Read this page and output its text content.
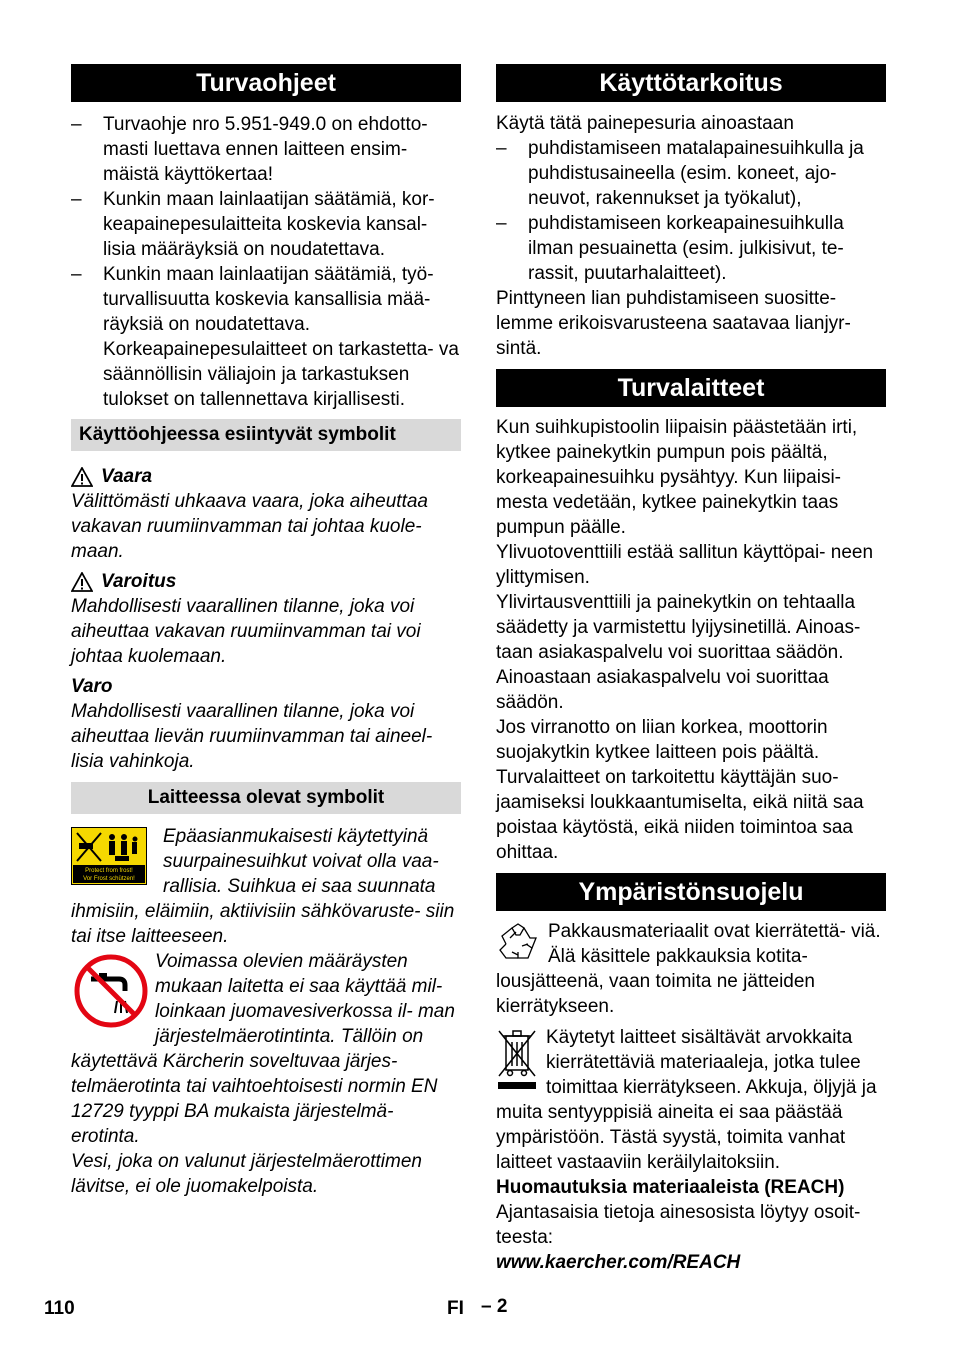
Turvaohjeet
– Turvaohje nro 5.951-949.0 on ehdotto- masti luettava ennen laitteen ensim- mäistä käyttökertaa!
– Kunkin maan lainlaatijan säätämiä, kor- keapainepesulaitteita koskevia kansal- lisia määräyksiä on noudatettava.
– Kunkin maan lainlaatijan säätämiä, työ- turvallisuutta koskevia kansallisia mää- räyksiä on noudatettava.

Korkeapainepesulaitteet on tarkastetta- va säännöllisin väliajoin ja tarkastuksen tulokset on tallennettava kirjallisesti.

Käyttöohjeessa esiintyvät symbolit
Vaara

Välittömästi uhkaava vaara, joka aiheuttaa vakavan ruumiinvamman tai johtaa kuole- maan.

Varoitus

Mahdollisesti vaarallinen tilanne, joka voi aiheuttaa vakavan ruumiinvamman tai voi johtaa kuolemaan.

Varo

Mahdollisesti vaarallinen tilanne, joka voi aiheuttaa lievän ruumiinvamman tai aineel- lisia vahinkoja.

Laitteessa olevat symbolit
Protect from frost!
Vor Frost schützen!

Epäasianmukaisesti käytettyinä suurpainesuihkut voivat olla vaa- rallisia. Suihkua ei saa suunnata ihmisiin, eläimiin, aktiivisiin sähkövaruste- siin tai itse laitteeseen.

Voimassa olevien määräysten mukaan laitetta ei saa käyttää mil- loinkaan juomavesiverkossa il- man järjestelmäerotintinta. Tällöin on käytettävä Kärcherin soveltuvaa järjes- telmäerotinta tai vaihtoehtoisesti normin EN 12729 tyyppi BA mukaista järjestelmä- erotinta.

Vesi, joka on valunut järjestelmäerottimen lävitse, ei ole juomakelpoista.

Käyttötarkoitus

Käytä tätä painepesuria ainoastaan

– puhdistamiseen matalapainesuihkulla ja puhdistusaineella (esim. koneet, ajo- neuvot, rakennukset ja työkalut),
– puhdistamiseen korkeapainesuihkulla ilman pesuainetta (esim. julkisivut, te- rassit, puutarhalaitteet).

Pinttyneen lian puhdistamiseen suositte- lemme erikoisvarusteena saatavaa lianjyr- sintä.

Turvalaitteet

Kun suihkupistoolin liipaisin päästetään irti, kytkee painekytkin pumpun pois päältä, korkeapainesuihku pysähtyy. Kun liipaisi- mesta vedetään, kytkee painekytkin taas pumpun päälle.

Ylivuotoventtiili estää sallitun käyttöpai- neen ylittymisen.

Ylivirtausventtiili ja painekytkin on tehtaalla säädetty ja varmistettu lyijysinetillä. Ainoas- taan asiakaspalvelu voi suorittaa säädön.

Ainoastaan asiakaspalvelu voi suorittaa säädön.

Jos virranotto on liian korkea, moottorin suojakytkin kytkee laitteen pois päältä.

Turvalaitteet on tarkoitettu käyttäjän suo- jaamiseksi loukkaantumiselta, eikä niitä saa poistaa käytöstä, eikä niiden toimintoa saa ohittaa.

Ympäristönsuojelu

Pakkausmateriaalit ovat kierrätettä- viä. Älä käsittele pakkauksia kotita- lousjätteenä, vaan toimita ne jätteiden kierrätykseen.

Käytetyt laitteet sisältävät arvokkaita kierrätettäviä materiaaleja, jotka tulee toimittaa kierrätykseen. Akkuja, öljyjä ja muita sentyyppisiä aineita ei saa päästää ympäristöön. Tästä syystä, toimita vanhat laitteet vastaaviin keräilylaitoksiin.

Huomautuksia materiaaleista (REACH)

Ajantasaisia tietoja ainesosista löytyy osoit- teesta:

www.kaercher.com/REACH

110	FI – 2
